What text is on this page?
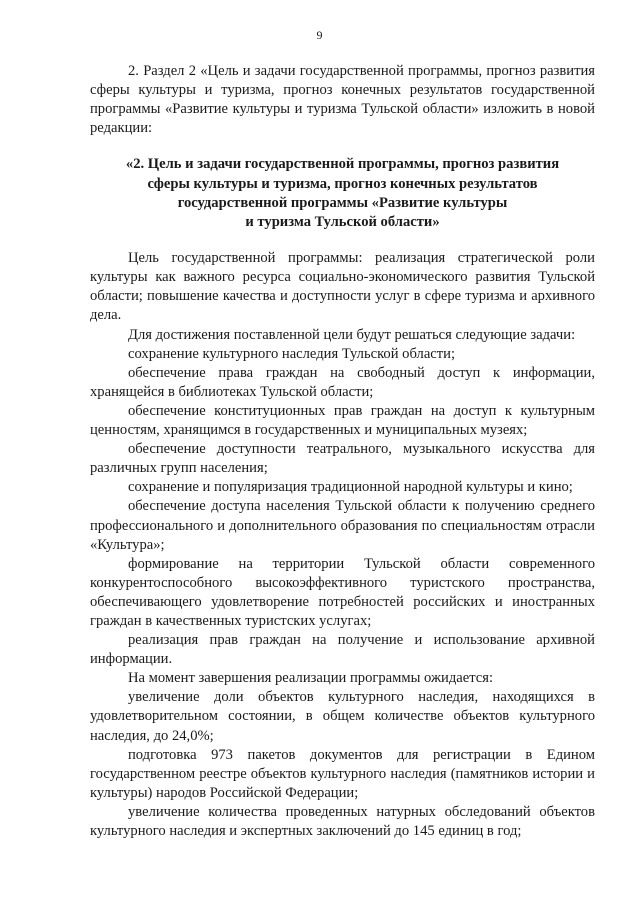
9

2. Раздел 2 «Цель и задачи государственной программы, прогноз развития сферы культуры и туризма, прогноз конечных результатов государственной программы «Развитие культуры и туризма Тульской области» изложить в новой редакции:

«2. Цель и задачи государственной программы, прогноз развития
сферы культуры и туризма, прогноз конечных результатов
государственной программы «Развитие культуры
и туризма Тульской области»

Цель государственной программы: реализация стратегической роли культуры как важного ресурса социально-экономического развития Тульской области; повышение качества и доступности услуг в сфере туризма и архивного дела.

Для достижения поставленной цели будут решаться следующие задачи:

сохранение культурного наследия Тульской области;

обеспечение права граждан на свободный доступ к информации, хранящейся в библиотеках Тульской области;

обеспечение конституционных прав граждан на доступ к культурным ценностям, хранящимся в государственных и муниципальных музеях;

обеспечение доступности театрального, музыкального искусства для различных групп населения;

сохранение и популяризация традиционной народной культуры и кино;

обеспечение доступа населения Тульской области к получению среднего профессионального и дополнительного образования по специальностям отрасли «Культура»;

формирование на территории Тульской области современного конкурентоспособного высокоэффективного туристского пространства, обеспечивающего удовлетворение потребностей российских и иностранных граждан в качественных туристских услугах;

реализация прав граждан на получение и использование архивной информации.

На момент завершения реализации программы ожидается:

увеличение доли объектов культурного наследия, находящихся в удовлетворительном состоянии, в общем количестве объектов культурного наследия, до 24,0%;

подготовка 973 пакетов документов для регистрации в Едином государственном реестре объектов культурного наследия (памятников истории и культуры) народов Российской Федерации;

увеличение количества проведенных натурных обследований объектов культурного наследия и экспертных заключений до 145 единиц в год;
